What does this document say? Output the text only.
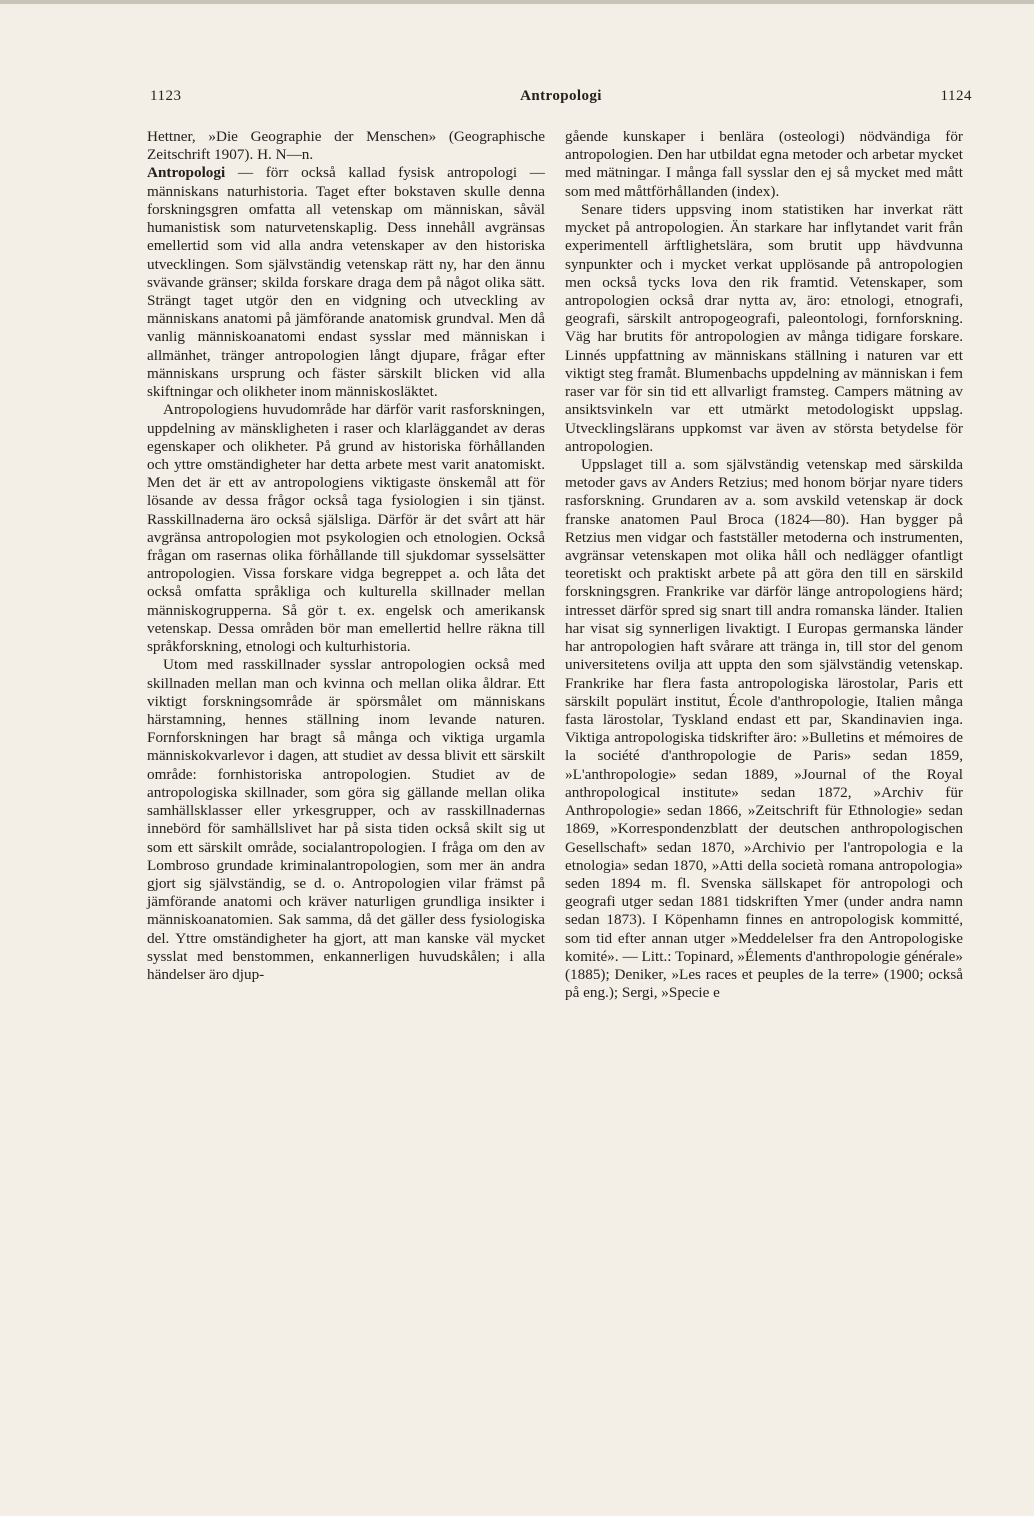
1123	Antropologi	1124

Hettner, »Die Geographie der Menschen» (Geographische Zeitschrift 1907). H. N—n.

Antropologi — förr också kallad fysisk antropologi — människans naturhistoria. Taget efter bokstaven skulle denna forskningsgren omfatta all vetenskap om människan, såväl humanistisk som naturvetenskaplig. Dess innehåll avgränsas emellertid som vid alla andra vetenskaper av den historiska utvecklingen. Som självständig vetenskap rätt ny, har den ännu svävande gränser; skilda forskare draga dem på något olika sätt. Strängt taget utgör den en vidgning och utveckling av människans anatomi på jämförande anatomisk grundval. Men då vanlig människoanatomi endast sysslar med människan i allmänhet, tränger antropologien långt djupare, frågar efter människans ursprung och fäster särskilt blicken vid alla skiftningar och olikheter inom människosläktet.

Antropologiens huvudområde har därför varit rasforskningen, uppdelning av mänskligheten i raser och klarläggandet av deras egenskaper och olikheter. På grund av historiska förhållanden och yttre omständigheter har detta arbete mest varit anatomiskt. Men det är ett av antropologiens viktigaste önskemål att för lösande av dessa frågor också taga fysiologien i sin tjänst. Rasskillnaderna äro också själsliga. Därför är det svårt att här avgränsa antropologien mot psykologien och etnologien. Också frågan om rasernas olika förhållande till sjukdomar sysselsätter antropologien. Vissa forskare vidga begreppet a. och låta det också omfatta språkliga och kulturella skillnader mellan människogrupperna. Så gör t. ex. engelsk och amerikansk vetenskap. Dessa områden bör man emellertid hellre räkna till språkforskning, etnologi och kulturhistoria.

Utom med rasskillnader sysslar antropologien också med skillnaden mellan man och kvinna och mellan olika åldrar. Ett viktigt forskningsområde är spörsmålet om människans härstamning, hennes ställning inom levande naturen. Fornforskningen har bragt så många och viktiga urgamla människokvarlevor i dagen, att studiet av dessa blivit ett särskilt område: fornhistoriska antropologien. Studiet av de antropologiska skillnader, som göra sig gällande mellan olika samhällsklasser eller yrkesgrupper, och av rasskillnadernas innebörd för samhällslivet har på sista tiden också skilt sig ut som ett särskilt område, socialantropologien. I fråga om den av Lombroso grundade kriminalantropologien, som mer än andra gjort sig självständig, se d. o. Antropologien vilar främst på jämförande anatomi och kräver naturligen grundliga insikter i människoanatomien. Sak samma, då det gäller dess fysiologiska del. Yttre omständigheter ha gjort, att man kanske väl mycket sysslat med benstommen, enkannerligen huvudskålen; i alla händelser äro djup-

gående kunskaper i benlära (osteologi) nödvändiga för antropologien. Den har utbildat egna metoder och arbetar mycket med mätningar. I många fall sysslar den ej så mycket med mått som med måttförhållanden (index).

Senare tiders uppsving inom statistiken har inverkat rätt mycket på antropologien. Än starkare har inflytandet varit från experimentell ärftlighetslära, som brutit upp hävdvunna synpunkter och i mycket verkat upplösande på antropologien men också tycks lova den rik framtid. Vetenskaper, som antropologien också drar nytta av, äro: etnologi, etnografi, geografi, särskilt antropogeografi, paleontologi, fornforskning. Väg har brutits för antropologien av många tidigare forskare. Linnés uppfattning av människans ställning i naturen var ett viktigt steg framåt. Blumenbachs uppdelning av människan i fem raser var för sin tid ett allvarligt framsteg. Campers mätning av ansiktsvinkeln var ett utmärkt metodologiskt uppslag. Utvecklingslärans uppkomst var även av största betydelse för antropologien.

Uppslaget till a. som självständig vetenskap med särskilda metoder gavs av Anders Retzius; med honom börjar nyare tiders rasforskning. Grundaren av a. som avskild vetenskap är dock franske anatomen Paul Broca (1824—80). Han bygger på Retzius men vidgar och fastställer metoderna och instrumenten, avgränsar vetenskapen mot olika håll och nedlägger ofantligt teoretiskt och praktiskt arbete på att göra den till en särskild forskningsgren. Frankrike var därför länge antropologiens härd; intresset därför spred sig snart till andra romanska länder. Italien har visat sig synnerligen livaktigt. I Europas germanska länder har antropologien haft svårare att tränga in, till stor del genom universitetens ovilja att uppta den som självständig vetenskap. Frankrike har flera fasta antropologiska lärostolar, Paris ett särskilt populärt institut, École d'anthropologie, Italien många fasta lärostolar, Tyskland endast ett par, Skandinavien inga. Viktiga antropologiska tidskrifter äro: »Bulletins et mémoires de la société d'anthropologie de Paris» sedan 1859, »L'anthropologie» sedan 1889, »Journal of the Royal anthropological institute» sedan 1872, »Archiv für Anthropologie» sedan 1866, »Zeitschrift für Ethnologie» sedan 1869, »Korrespondenzblatt der deutschen anthropologischen Gesellschaft» sedan 1870, »Archivio per l'antropologia e la etnologia» sedan 1870, »Atti della società romana antropologia» seden 1894 m. fl. Svenska sällskapet för antropologi och geografi utger sedan 1881 tidskriften Ymer (under andra namn sedan 1873). I Köpenhamn finnes en antropologisk kommitté, som tid efter annan utger »Meddelelser fra den Antropologiske komité». — Litt.: Topinard, »Élements d'anthropologie générale» (1885); Deniker, »Les races et peuples de la terre» (1900; också på eng.); Sergi, »Specie e
